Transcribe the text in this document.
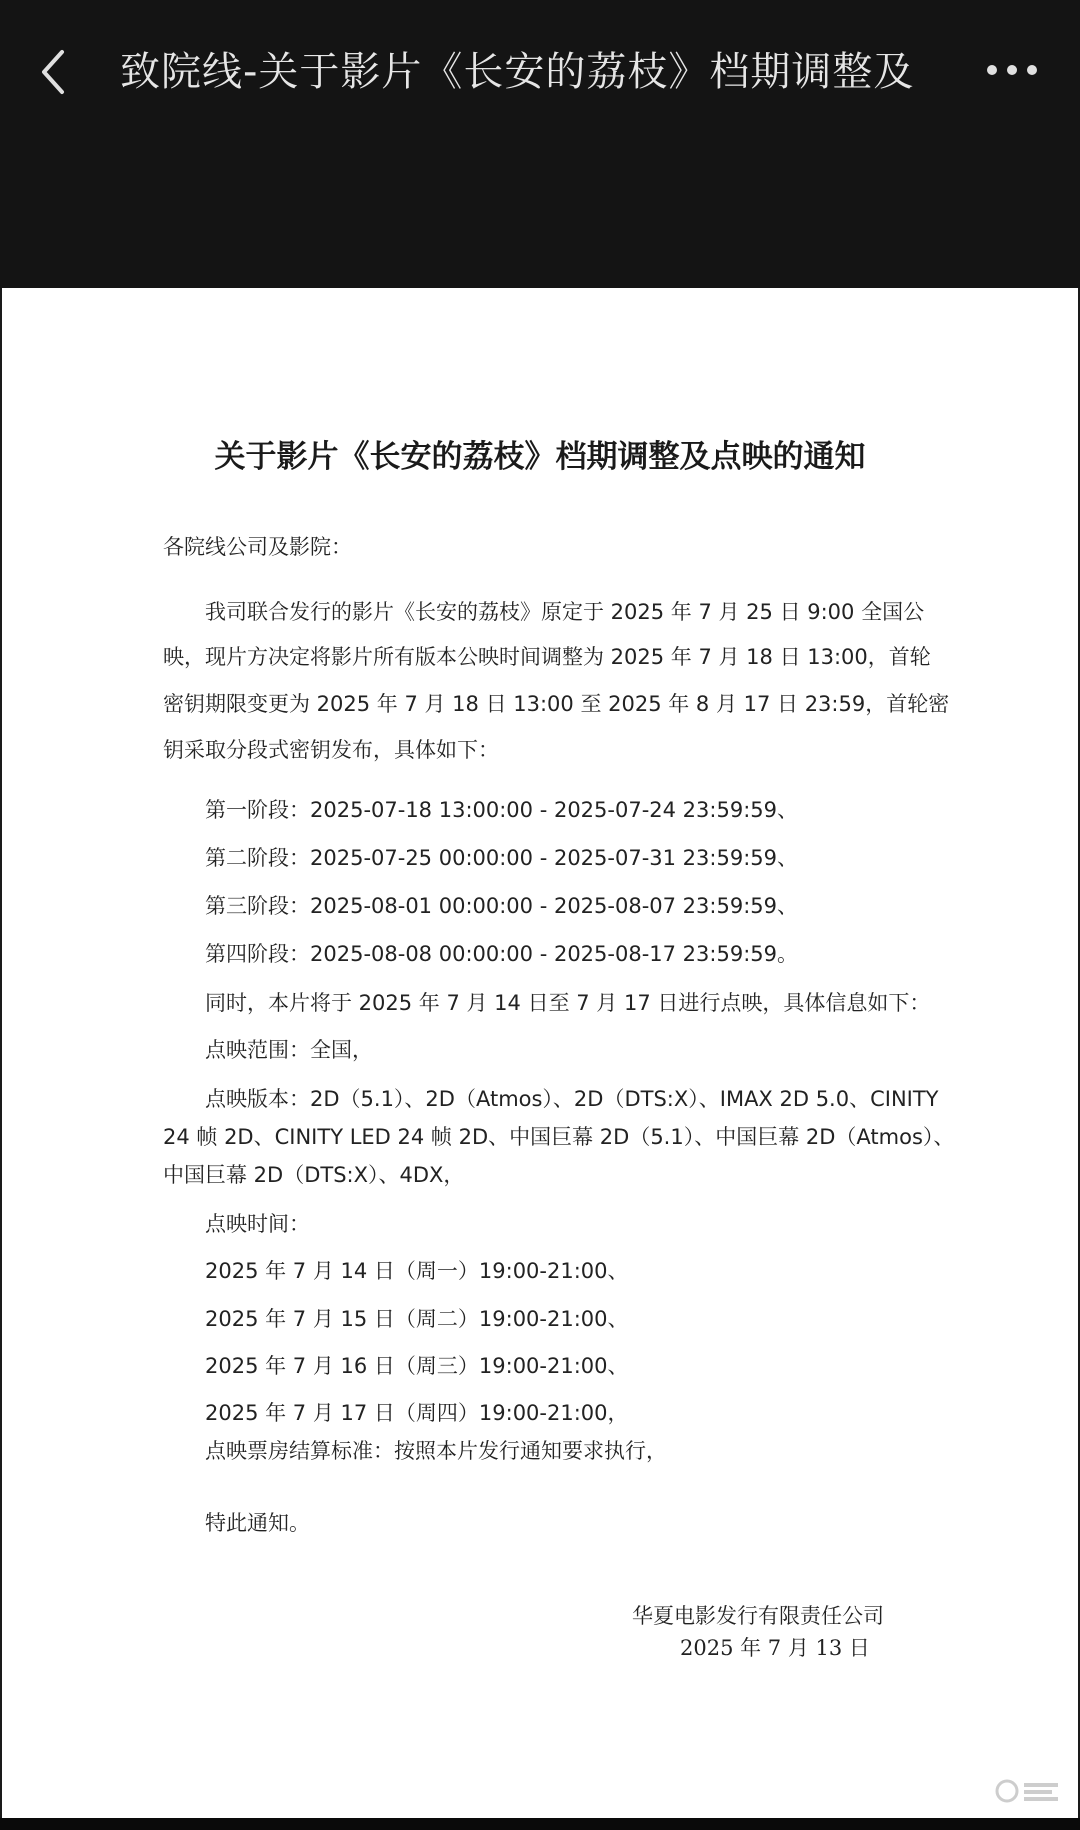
致院线-关于影片《长安的荔枝》档期调整及
关于影片《长安的荔枝》档期调整及点映的通知
各院线公司及影院：
我司联合发行的影片《长安的荔枝》原定于 2025 年 7 月 25 日 9:00 全国公
映，现片方决定将影片所有版本公映时间调整为 2025 年 7 月 18 日 13:00，首轮
密钥期限变更为 2025 年 7 月 18 日 13:00 至 2025 年 8 月 17 日 23:59，首轮密
钥采取分段式密钥发布，具体如下：
第一阶段：2025-07-18 13:00:00 - 2025-07-24 23:59:59、
第二阶段：2025-07-25 00:00:00 - 2025-07-31 23:59:59、
第三阶段：2025-08-01 00:00:00 - 2025-08-07 23:59:59、
第四阶段：2025-08-08 00:00:00 - 2025-08-17 23:59:59。
同时，本片将于 2025 年 7 月 14 日至 7 月 17 日进行点映，具体信息如下：
点映范围：全国，
点映版本：2D（5.1）、2D（Atmos）、2D（DTS:X）、IMAX 2D 5.0、CINITY
24 帧 2D、CINITY LED 24 帧 2D、中国巨幕 2D（5.1）、中国巨幕 2D（Atmos）、
中国巨幕 2D（DTS:X）、4DX，
点映时间：
2025 年 7 月 14 日（周一）19:00-21:00、
2025 年 7 月 15 日（周二）19:00-21:00、
2025 年 7 月 16 日（周三）19:00-21:00、
2025 年 7 月 17 日（周四）19:00-21:00，
点映票房结算标准：按照本片发行通知要求执行，
特此通知。
华夏电影发行有限责任公司
2025 年 7 月 13 日
